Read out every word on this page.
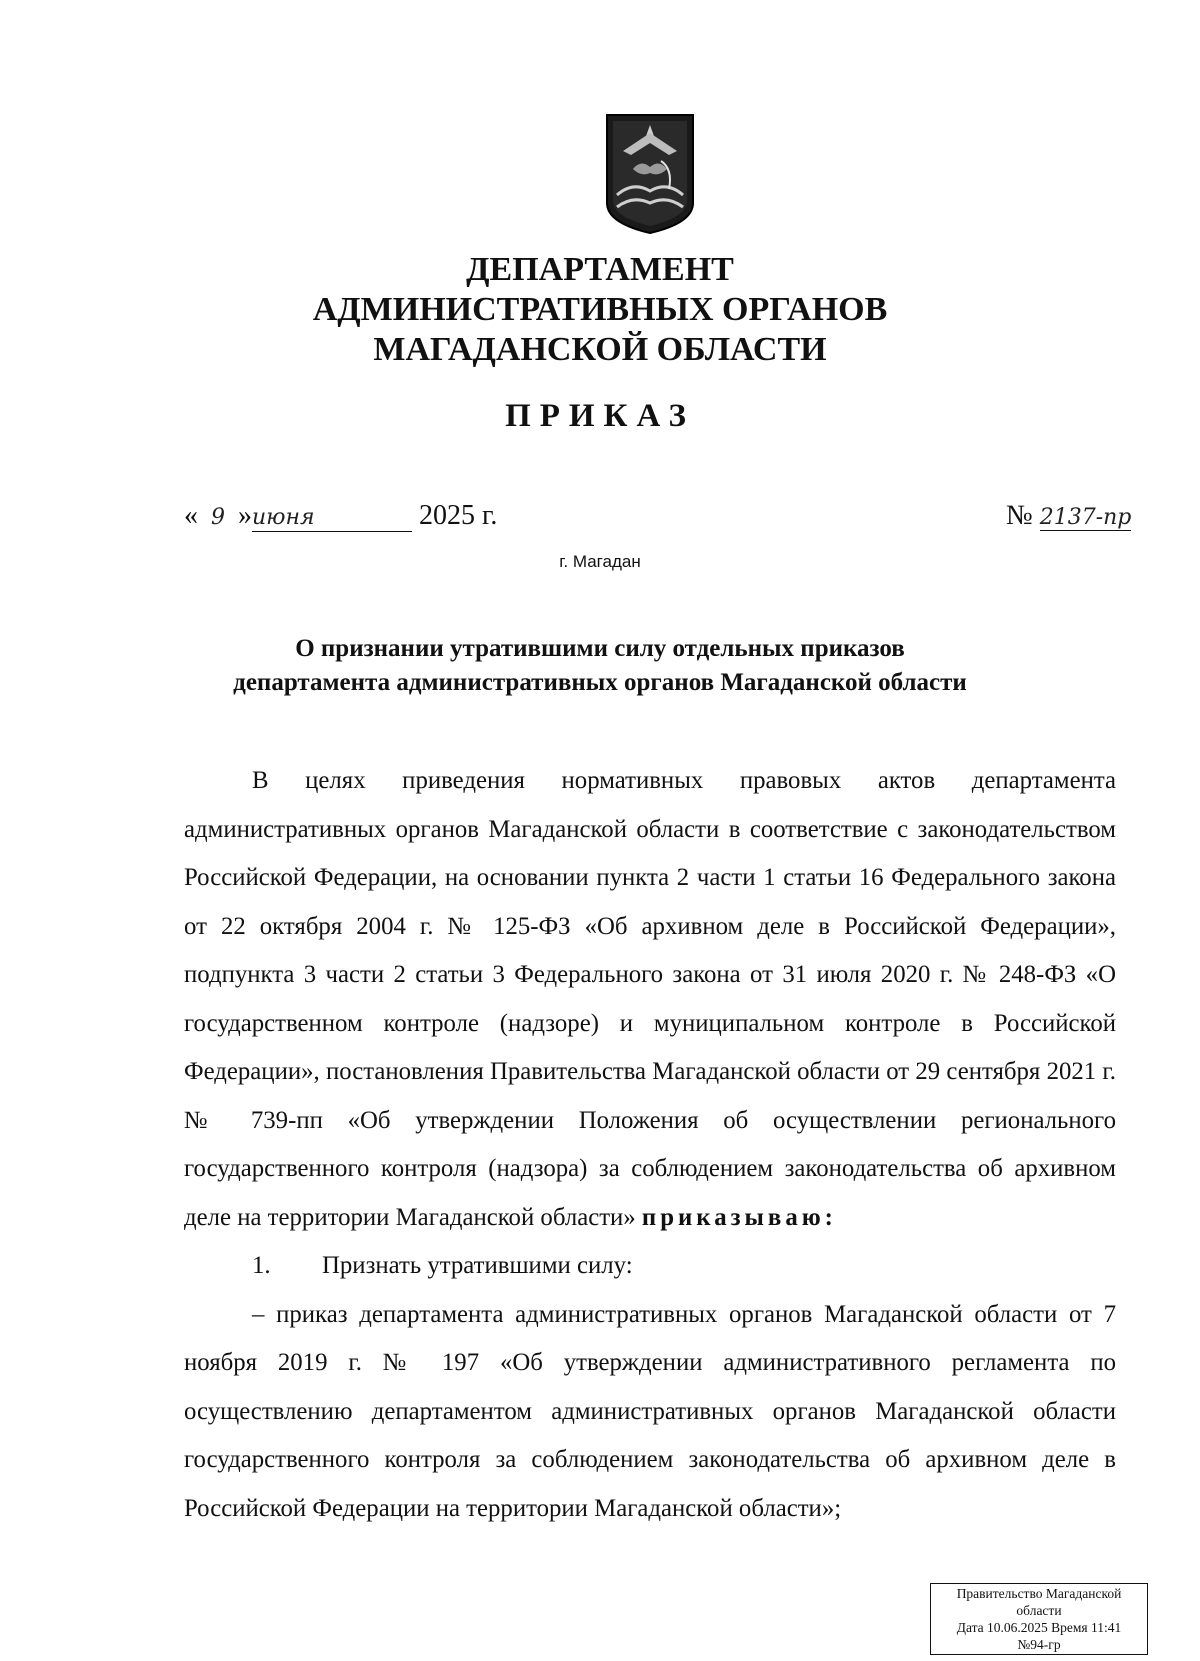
ДЕПАРТАМЕНТ
АДМИНИСТРАТИВНЫХ ОРГАНОВ
МАГАДАНСКОЙ ОБЛАСТИ
ПРИКАЗ
« 9 »июня	2025 г.	№ 2137-пр
г. Магадан
О признании утратившими силу отдельных приказов
департамента административных органов Магаданской области

В целях приведения нормативных правовых актов департамента административных органов Магаданской области в соответствие с законодательством Российской Федерации, на основании пункта 2 части 1 статьи 16 Федерального закона от 22 октября 2004 г. № 125-ФЗ «Об архивном деле в Российской Федерации», подпункта 3 части 2 статьи 3 Федерального закона от 31 июля 2020 г. № 248-ФЗ «О государственном контроле (надзоре) и муниципальном контроле в Российской Федерации», постановления Правительства Магаданской области от 29 сентября 2021 г. № 739-пп «Об утверждении Положения об осуществлении регионального государственного контроля (надзора) за соблюдением законодательства об архивном деле на территории Магаданской области» приказываю:

1. Признать утратившими силу:

– приказ департамента административных органов Магаданской области от 7 ноября 2019 г. № 197 «Об утверждении административного регламента по осуществлению департаментом административных органов Магаданской области государственного контроля за соблюдением законодательства об архивном деле в Российской Федерации на территории Магаданской области»;

Правительство Магаданской
области
Дата 10.06.2025 Время 11:41
№94-гр
